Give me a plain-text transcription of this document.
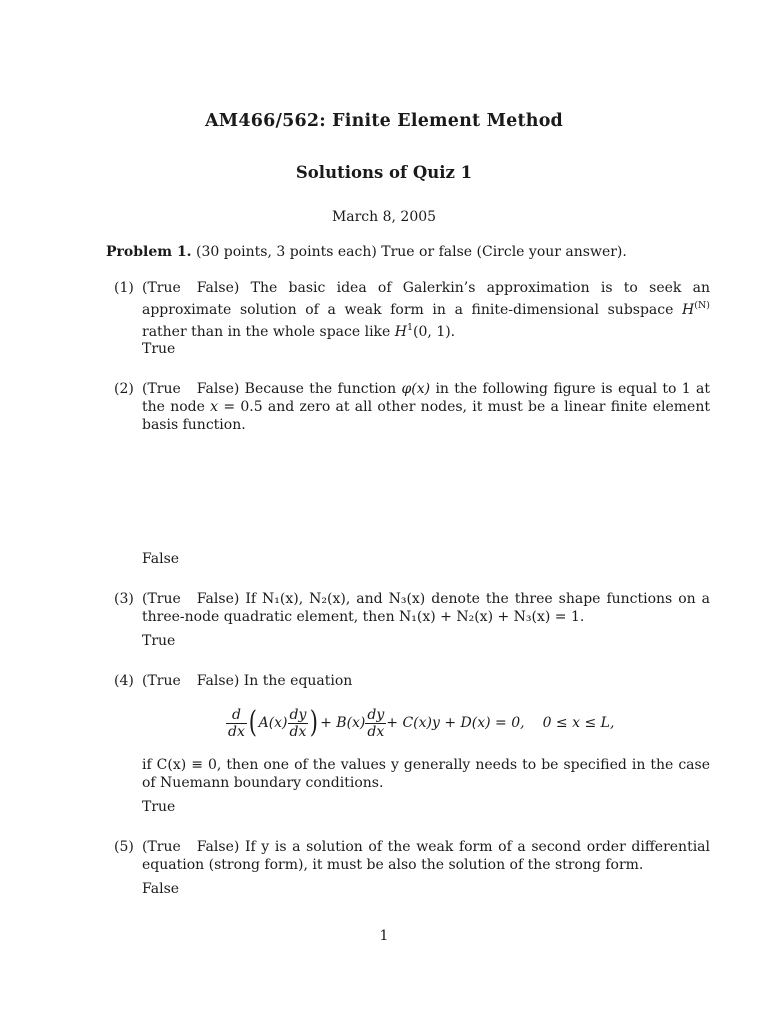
AM466/562: Finite Element Method
Solutions of Quiz 1
March 8, 2005
Problem 1. (30 points, 3 points each) True or false (Circle your answer).
(1) (True False) The basic idea of Galerkin’s approximation is to seek an approximate solution of a weak form in a finite-dimensional subspace $H^{(N)}$ rather than in the whole space like $H^1(0$, 1).
True
(2) (True False) Because the function φ(x) in the following figure is equal to 1 at the node x = 0.5 and zero at all other nodes, it must be a linear finite element basis function.
False
(3) (True False) If N₁(x), N₂(x), and N₃(x) denote the three shape functions on a three-node quadratic element, then N₁(x) + N₂(x) + N₃(x) = 1.
True
(4) (True False) In the equation
$\frac{d}{dx}$ ( $A(x) \frac{dy}{dx}$ ) + $B(x) \frac{dy}{dx} + C(x)y + D(x) = 0$, 0 ≤ x ≤ L,
if C(x) ≡ 0, then one of the values y generally needs to be specified in the case of Nuemann boundary conditions.
True
(5) (True False) If y is a solution of the weak form of a second order differential equation (strong form), it must be also the solution of the strong form.
False
1
